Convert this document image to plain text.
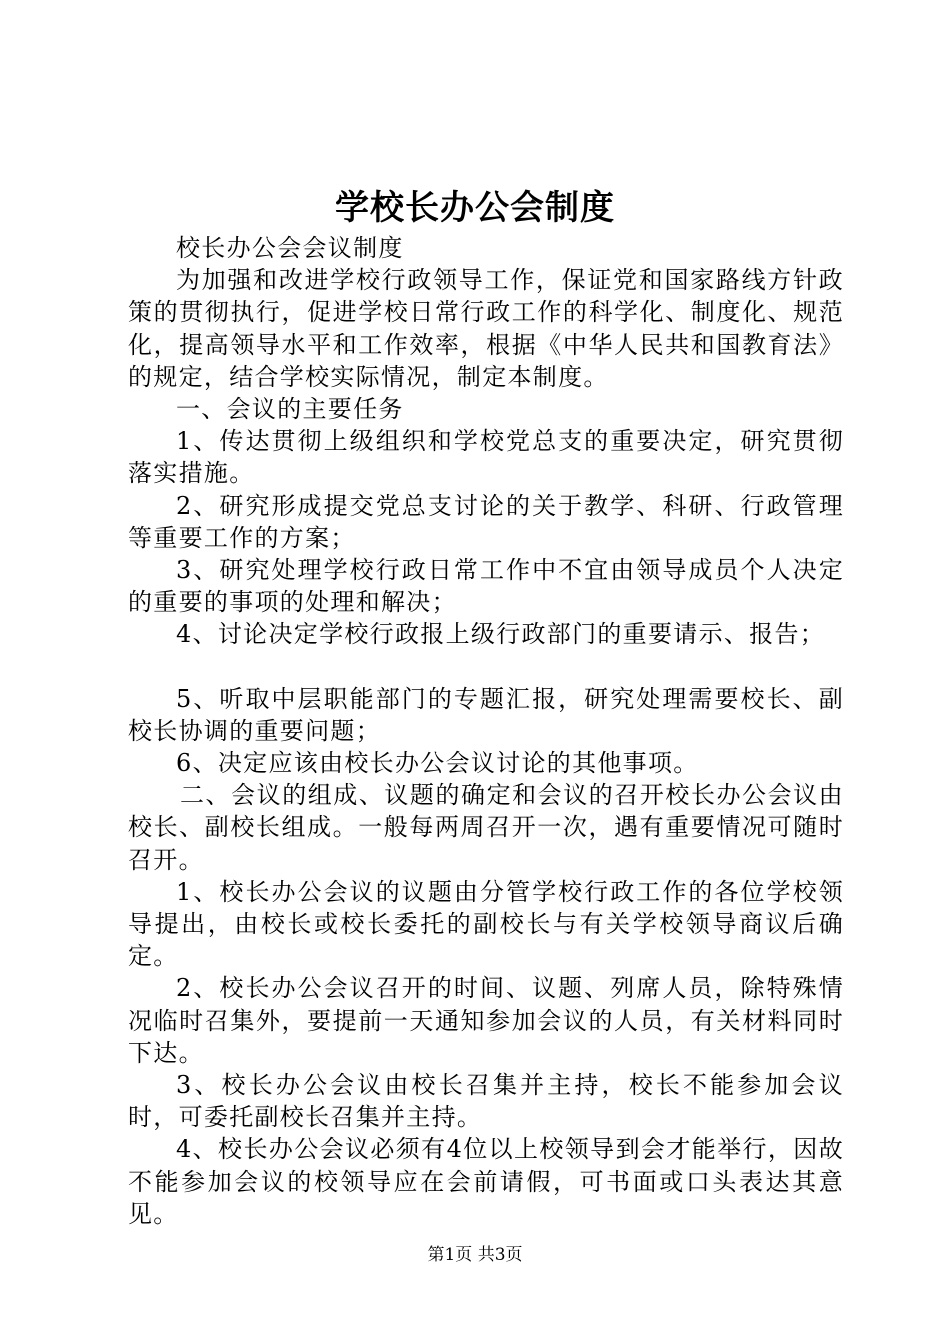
学校长办公会制度

校长办公会会议制度

为加强和改进学校行政领导工作，保证党和国家路线方针政策的贯彻执行，促进学校日常行政工作的科学化、制度化、规范化，提高领导水平和工作效率，根据《中华人民共和国教育法》的规定，结合学校实际情况，制定本制度。

一、会议的主要任务

1、传达贯彻上级组织和学校党总支的重要决定，研究贯彻落实措施。

2、研究形成提交党总支讨论的关于教学、科研、行政管理等重要工作的方案；

3、研究处理学校行政日常工作中不宜由领导成员个人决定的重要的事项的处理和解决；

4、讨论决定学校行政报上级行政部门的重要请示、报告；

5、听取中层职能部门的专题汇报，研究处理需要校长、副校长协调的重要问题；

6、决定应该由校长办公会议讨论的其他事项。

二、会议的组成、议题的确定和会议的召开校长办公会议由校长、副校长组成。一般每两周召开一次，遇有重要情况可随时召开。

1、校长办公会议的议题由分管学校行政工作的各位学校领导提出，由校长或校长委托的副校长与有关学校领导商议后确定。

2、校长办公会议召开的时间、议题、列席人员，除特殊情况临时召集外，要提前一天通知参加会议的人员，有关材料同时下达。

3、校长办公会议由校长召集并主持，校长不能参加会议时，可委托副校长召集并主持。

4、校长办公会议必须有4位以上校领导到会才能举行，因故不能参加会议的校领导应在会前请假，可书面或口头表达其意见。

第1页 共3页
